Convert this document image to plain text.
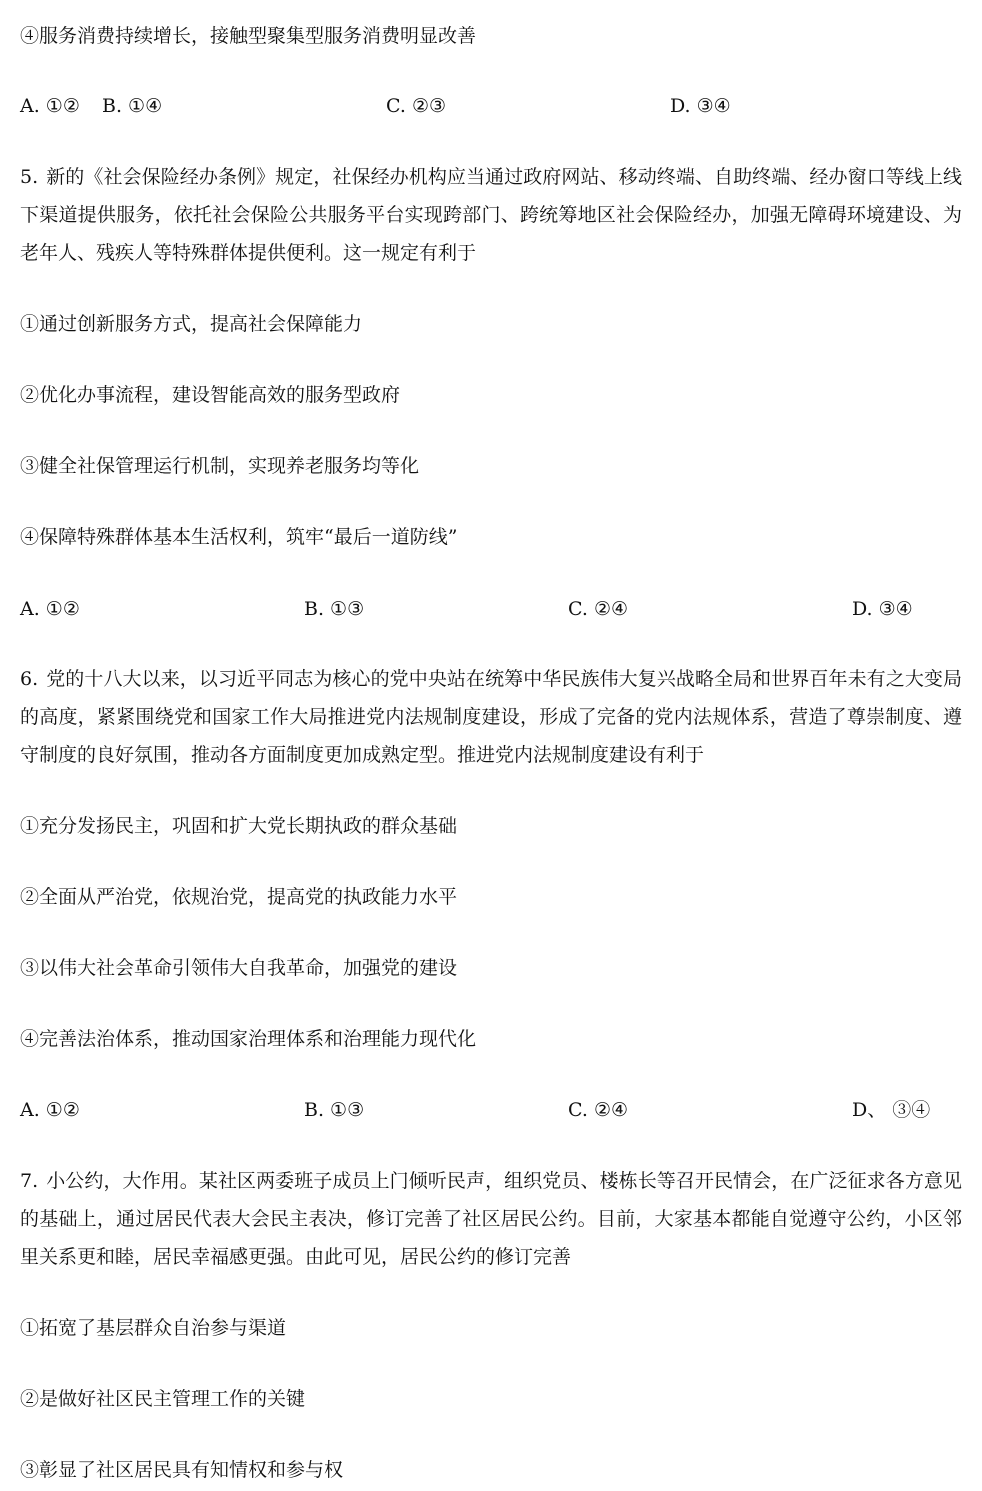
④服务消费持续增长，接触型聚集型服务消费明显改善
A. ①② B. ①④	C. ②③	D. ③④
5. 新的《社会保险经办条例》规定，社保经办机构应当通过政府网站、移动终端、自助终端、经办窗口等线上线下渠道提供服务，依托社会保险公共服务平台实现跨部门、跨统筹地区社会保险经办，加强无障碍环境建设、为老年人、残疾人等特殊群体提供便利。这一规定有利于
①通过创新服务方式，提高社会保障能力
②优化办事流程，建设智能高效的服务型政府
③健全社保管理运行机制，实现养老服务均等化
④保障特殊群体基本生活权利，筑牢“最后一道防线”
A. ①②	B. ①③	C. ②④	D. ③④
6. 党的十八大以来，以习近平同志为核心的党中央站在统筹中华民族伟大复兴战略全局和世界百年未有之大变局的高度，紧紧围绕党和国家工作大局推进党内法规制度建设，形成了完备的党内法规体系，营造了尊崇制度、遵守制度的良好氛围，推动各方面制度更加成熟定型。推进党内法规制度建设有利于
①充分发扬民主，巩固和扩大党长期执政的群众基础
②全面从严治党，依规治党，提高党的执政能力水平
③以伟大社会革命引领伟大自我革命，加强党的建设
④完善法治体系，推动国家治理体系和治理能力现代化
A. ①②	B. ①③	C. ②④	D、 ③④
7. 小公约，大作用。某社区两委班子成员上门倾听民声，组织党员、楼栋长等召开民情会，在广泛征求各方意见的基础上，通过居民代表大会民主表决，修订完善了社区居民公约。目前，大家基本都能自觉遵守公约，小区邻里关系更和睦，居民幸福感更强。由此可见，居民公约的修订完善
①拓宽了基层群众自治参与渠道
②是做好社区民主管理工作的关键
③彰显了社区居民具有知情权和参与权
